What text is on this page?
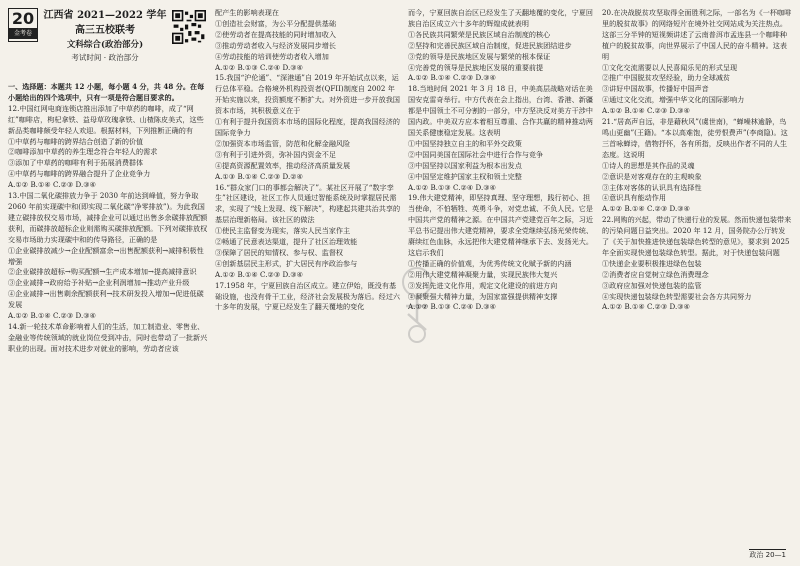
20
金考卷
江西省 2021—2022 学年
高三五校联考
文科综合(政治部分)
考试时间 · 政治部分

一、选择题：本题共 12 小题，每小题 4 分，共 48 分。在每小题给出的四个选项中，只有一项是符合题目要求的。

12.中国红网电商连锁店推出添加了中草药的咖啡，成了“网红”咖啡店，枸杞拿铁、益母草玫瑰拿铁、山楂陈皮美式，这些新品类咖啡颇受年轻人欢迎。根据材料，下列推断正确的有

①中草药与咖啡的跨界结合创造了新的价值

②咖啡添加中草药的养生理念符合年轻人的需求

③添加了中草药的咖啡有利于拓展消费群体

④中草药与咖啡的跨界融合提升了企业竞争力

A.①② B.①④ C.②③ D.③④

13.中国二氧化碳排放力争于 2030 年前达到峰值，努力争取 2060 年前实现碳中和(即实现二氧化碳“净零排放”)。为此我国建立碳排放权交易市场，减排企业可以通过出售多余碳排放配额获利，而碳排放超标企业则需购买碳排放配额。下列对碳排放权交易市场助力实现碳中和的传导路径，正确的是

①企业碳排放减少→企业配额富余→出售配额获利→减排积极性增强

②企业碳排放超标→购买配额→生产成本增加→提高减排意识

③企业减排→政府给予补贴→企业利润增加→推动产业升级

④企业减排→出售剩余配额获利→技术研发投入增加→促进低碳发展

A.①② B.①④ C.②③ D.③④

14.新一轮技术革命影响着人们的生活，加工制造业、零售业、金融业等传统领域的就业岗位受到冲击，同时也带动了一批新兴职业的出现。面对技术进步对就业的影响，劳动者应该

配产生的影响表现在

①创造社会财富，为公平分配提供基础

②使劳动者在提高技能的同时增加收入

③推动劳动者收入与经济发展同步增长

④劳动技能的培训使劳动者收入增加

A.①② B.①③ C.②④ D.③④

15.我国“沪伦通”、“深港通”自 2019 年开始试点以来，运行总体平稳。合格境外机构投资者(QFII)制度自 2002 年开始实施以来，投资额度不断扩大。对外资进一步开放我国资本市场，其积极意义在于

①有利于提升我国资本市场的国际化程度，提高我国经济的国际竞争力

②加强资本市场监管，防范和化解金融风险

③有利于引进外资，弥补国内资金不足

④提高资源配置效率，推动经济高质量发展

A.①③ B.①④ C.②③ D.②④

16.“群众家门口的事都会解决了”。某社区开展了“数字孪生”社区建设，社区工作人员通过智能系统及时掌握居民需求，实现了“线上发现、线下解决”，构建起共建共治共享的基层治理新格局。该社区的做法

①使民主监督变为现实，落实人民当家作主

②畅通了民意表达渠道，提升了社区治理效能

③保障了居民的知情权、参与权、监督权

④创新基层民主形式，扩大居民有序政治参与

A.①② B.①④ C.②③ D.③④

17.1958 年，宁夏回族自治区成立。建立伊始，既没有基础设施，也没有骨干工业，经济社会发展极为落后。经过六十多年的发展，宁夏已经发生了翻天覆地的变化

而今，宁夏回族自治区已经发生了天翻地覆的变化，宁夏回族自治区成立六十多年的辉煌成就表明

①各民族共同繁荣是民族区域自治制度的核心

②坚持和完善民族区域自治制度，促进民族团结进步

③党的领导是民族地区发展与繁荣的根本保证

④完善党的领导是民族地区发展的重要前提

A.①② B.①④ C.②③ D.③④

18.当地时间 2021 年 3 月 18 日，中美高层战略对话在美国安克雷奇举行。中方代表在会上指出，台湾、香港、新疆都是中国领土不可分割的一部分，中方坚决反对美方干涉中国内政。中美双方应本着相互尊重、合作共赢的精神推动两国关系健康稳定发展。这表明

①中国坚持独立自主的和平外交政策

②中国同美国在国际社会中进行合作与竞争

③中国坚持以国家利益为根本出发点

④中国坚定维护国家主权和领土完整

A.①② B.①③ C.②④ D.③④

19.伟大建党精神，即坚持真理、坚守理想，践行初心、担当使命，不怕牺牲、英勇斗争，对党忠诚、不负人民。它是中国共产党的精神之源。在中国共产党建党百年之际，习近平总书记提出伟大建党精神，要求全党继续弘扬光荣传统、赓续红色血脉，永远把伟大建党精神继承下去、发扬光大。这启示我们

①传播正确的价值观，为优秀传统文化赋予新的内涵

②用伟大建党精神凝聚力量，实现民族伟大复兴

③发挥先进文化作用，观定文化建设的前进方向

④凝聚强大精神力量，为国家富强提供精神支撑

A.①② B.①③ C.②④ D.③④

20.在决战脱贫攻坚取得全面胜利之际，一部名为《一杯咖啡里的脱贫故事》的网络短片在境外社交网站成为关注热点。这部三分半钟的短视频讲述了云南普洱市孟连县一个咖啡种植户的脱贫故事，向世界展示了中国人民的奋斗精神。这表明

①文化交流需要以人民喜闻乐见的形式呈现

②推广中国脱贫攻坚经验，助力全球减贫

③讲好中国故事，传播好中国声音

④通过文化交流，增强中华文化的国际影响力

A.①② B.①④ C.②③ D.③④

21.“居高声自远，非是藉秋风”(虞世南)，“蝉噪林逾静，鸟鸣山更幽”(王籍)。“本以高难饱，徒劳恨费声”(李商隐)。这三首咏蝉诗，借物抒怀，各有所指，反映出作者不同的人生态度。这说明

①诗人的思想是其作品的灵魂

②意识是对客观存在的主观映象

③主体对客体的认识具有选择性

④意识具有能动作用

A.①② B.①④ C.②③ D.③④

22.网购的兴起，带动了快递行业的发展。然而快递包装带来的污染问题日益突出。2020 年 12 月，国务院办公厅转发了《关于加快推进快递包装绿色转型的意见》，要求到 2025 年全面实现快递包装绿色转型。据此，对于快递包装问题

①快递企业要积极推进绿色包装

②消费者应自觉树立绿色消费理念

③政府应加强对快递包装的监管

④实现快递包装绿色转型需要社会各方共同努力

A.①② B.①④ C.②③ D.③④

政治 20—1
